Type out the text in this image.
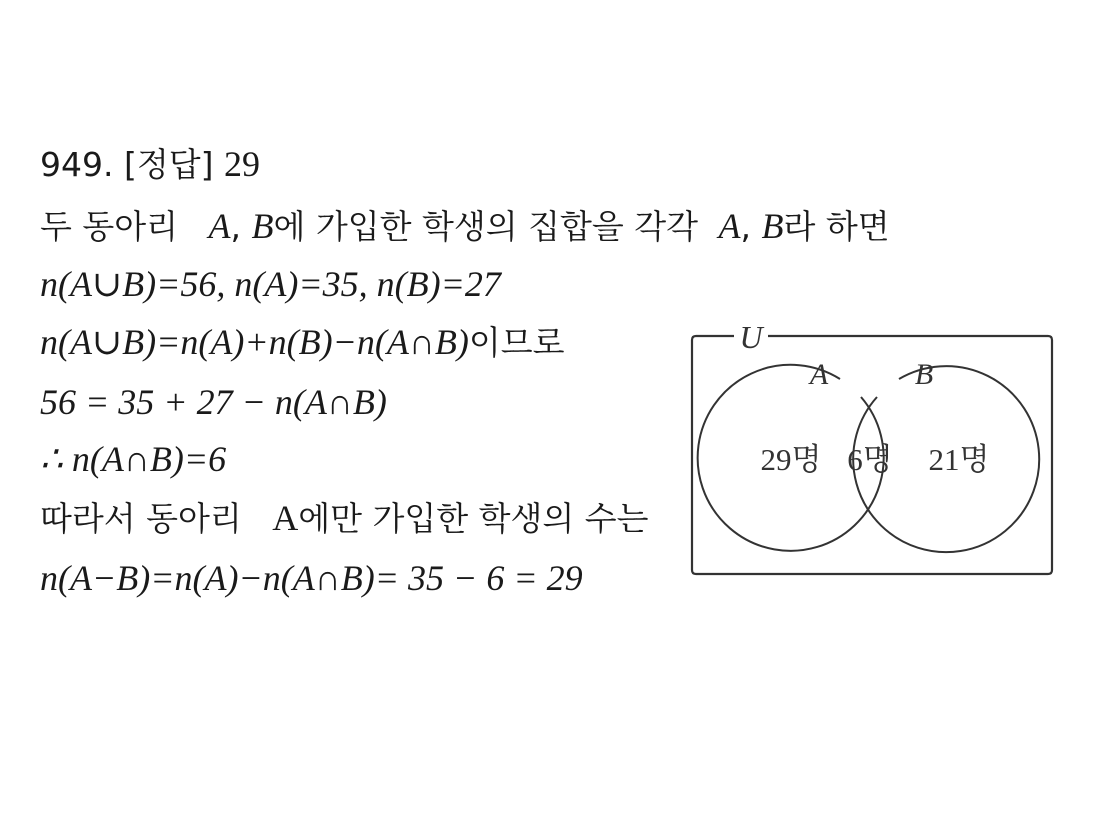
949. [정답] 29
두 동아리 A, B에 가입한 학생의 집합을 각각 A, B라 하면
n(A∪B)=56, n(A)=35, n(B)=27
n(A∪B)=n(A)+n(B)−n(A∩B)이므로
56 = 35 + 27 − n(A∩B)
∴ n(A∩B)=6
따라서 동아리 A에만 가입한 학생의 수는
n(A−B)=n(A)−n(A∩B)= 35 − 6 = 29
U
A	B
29명 6명 21명
